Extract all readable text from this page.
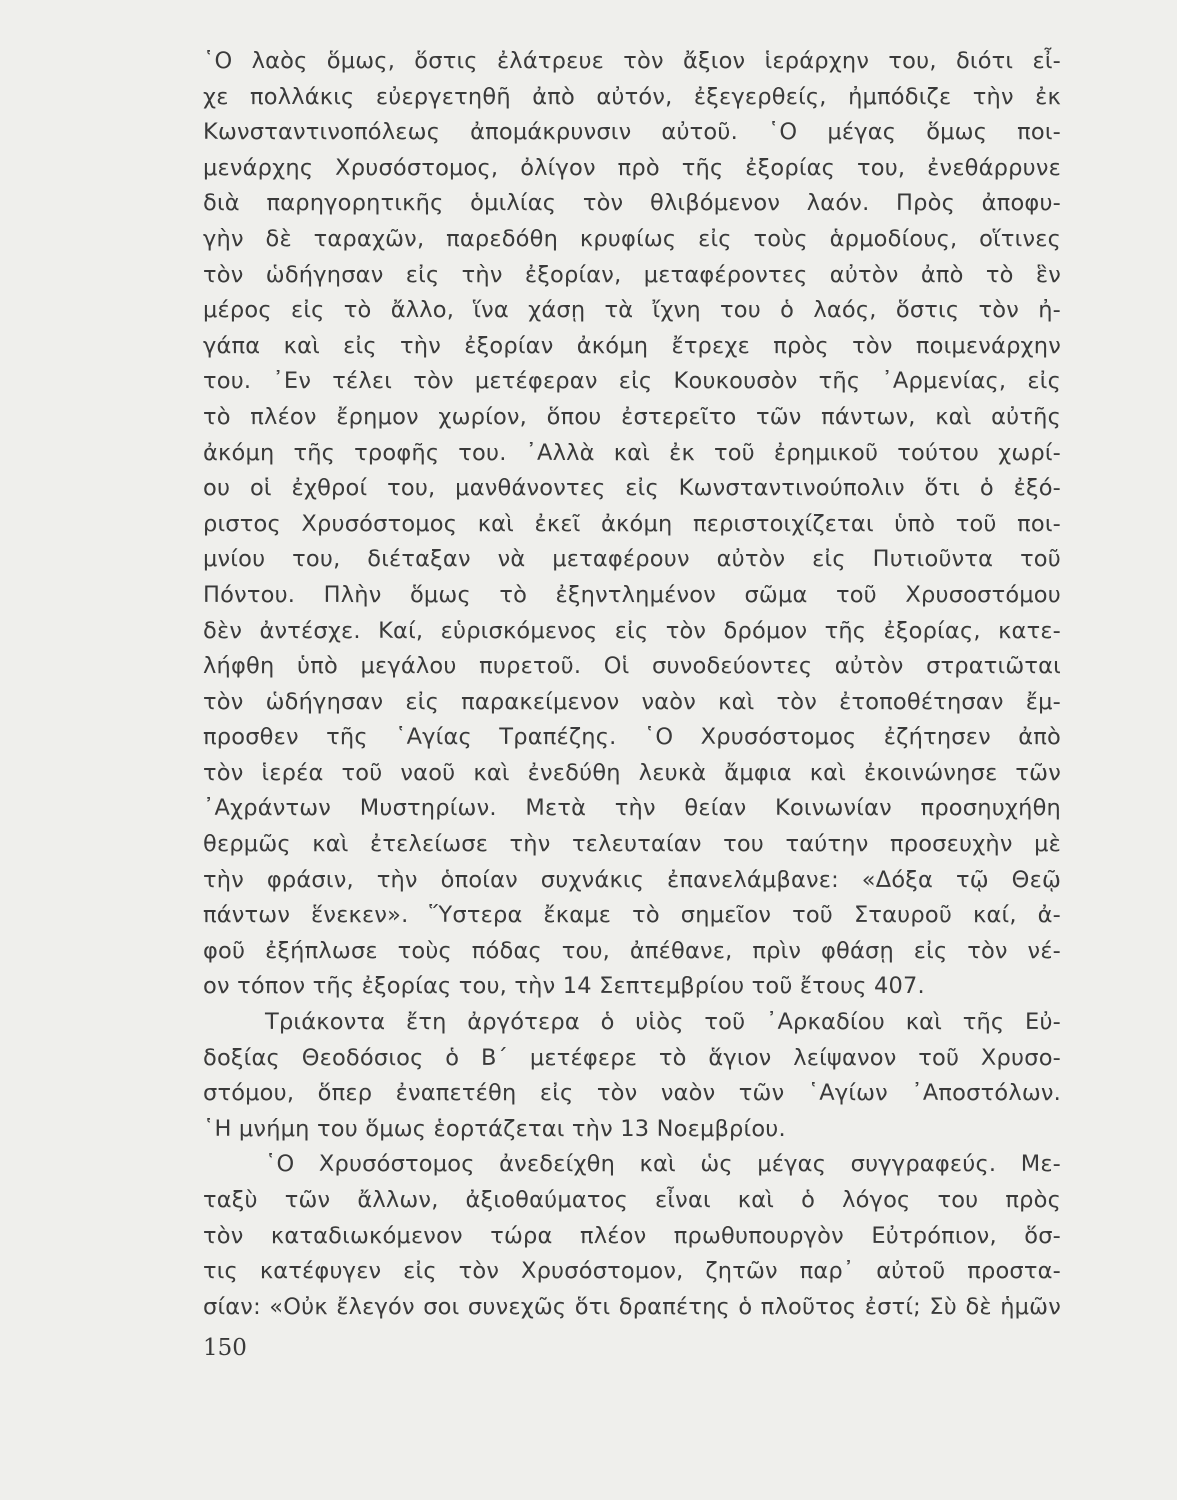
῾Ο λαὸς ὅμως, ὅστις ἐλάτρευε τὸν ἄξιον ἱεράρχην του, διότι εἶ-
χε πολλάκις εὐεργετηθῆ ἀπὸ αὐτόν, ἐξεγερθείς, ἠμπόδιζε τὴν ἐκ
Κωνσταντινοπόλεως ἀπομάκρυνσιν αὐτοῦ. ῾Ο μέγας ὅμως ποι-
μενάρχης Χρυσόστομος, ὀλίγον πρὸ τῆς ἐξορίας του, ἐνεθάρρυνε
διὰ παρηγορητικῆς ὁμιλίας τὸν θλιβόμενον λαόν. Πρὸς ἀποφυ-
γὴν δὲ ταραχῶν, παρεδόθη κρυφίως εἰς τοὺς ἁρμοδίους, οἵτινες
τὸν ὡδήγησαν εἰς τὴν ἐξορίαν, μεταφέροντες αὐτὸν ἀπὸ τὸ ἓν
μέρος εἰς τὸ ἄλλο, ἵνα χάσῃ τὰ ἴχνη του ὁ λαός, ὅστις τὸν ἠ-
γάπα καὶ εἰς τὴν ἐξορίαν ἀκόμη ἔτρεχε πρὸς τὸν ποιμενάρχην
του. ᾿Εν τέλει τὸν μετέφεραν εἰς Κουκουσὸν τῆς ᾿Αρμενίας, εἰς
τὸ πλέον ἔρημον χωρίον, ὅπου ἐστερεῖτο τῶν πάντων, καὶ αὐτῆς
ἀκόμη τῆς τροφῆς του. ᾿Αλλὰ καὶ ἐκ τοῦ ἐρημικοῦ τούτου χωρί-
ου οἱ ἐχθροί του, μανθάνοντες εἰς Κωνσταντινούπολιν ὅτι ὁ ἐξό-
ριστος Χρυσόστομος καὶ ἐκεῖ ἀκόμη περιστοιχίζεται ὑπὸ τοῦ ποι-
μνίου του, διέταξαν νὰ μεταφέρουν αὐτὸν εἰς Πυτιοῦντα τοῦ
Πόντου. Πλὴν ὅμως τὸ ἐξηντλημένον σῶμα τοῦ Χρυσοστόμου
δὲν ἀντέσχε. Καί, εὑρισκόμενος εἰς τὸν δρόμον τῆς ἐξορίας, κατε-
λήφθη ὑπὸ μεγάλου πυρετοῦ. Οἱ συνοδεύοντες αὐτὸν στρατιῶται
τὸν ὡδήγησαν εἰς παρακείμενον ναὸν καὶ τὸν ἐτοποθέτησαν ἔμ-
προσθεν τῆς ῾Αγίας Τραπέζης. ῾Ο Χρυσόστομος ἐζήτησεν ἀπὸ
τὸν ἱερέα τοῦ ναοῦ καὶ ἐνεδύθη λευκὰ ἄμφια καὶ ἐκοινώνησε τῶν
᾿Αχράντων Μυστηρίων. Μετὰ τὴν θείαν Κοινωνίαν προσηυχήθη
θερμῶς καὶ ἐτελείωσε τὴν τελευταίαν του ταύτην προσευχὴν μὲ
τὴν φράσιν, τὴν ὁποίαν συχνάκις ἐπανελάμβανε: «Δόξα τῷ Θεῷ
πάντων ἕνεκεν». Ὕστερα ἔκαμε τὸ σημεῖον τοῦ Σταυροῦ καί, ἀ-
φοῦ ἐξήπλωσε τοὺς πόδας του, ἀπέθανε, πρὶν φθάσῃ εἰς τὸν νέ-
ον τόπον τῆς ἐξορίας του, τὴν 14 Σεπτεμβρίου τοῦ ἔτους 407.
Τριάκοντα ἔτη ἀργότερα ὁ υἱὸς τοῦ ᾿Αρκαδίου καὶ τῆς Εὐ-
δοξίας Θεοδόσιος ὁ Β΄ μετέφερε τὸ ἅγιον λείψανον τοῦ Χρυσο-
στόμου, ὅπερ ἐναπετέθη εἰς τὸν ναὸν τῶν ῾Αγίων ᾿Αποστόλων.
῾Η μνήμη του ὅμως ἑορτάζεται τὴν 13 Νοεμβρίου.
῾Ο Χρυσόστομος ἀνεδείχθη καὶ ὡς μέγας συγγραφεύς. Με-
ταξὺ τῶν ἄλλων, ἀξιοθαύματος εἶναι καὶ ὁ λόγος του πρὸς
τὸν καταδιωκόμενον τώρα πλέον πρωθυπουργὸν Εὐτρόπιον, ὅσ-
τις κατέφυγεν εἰς τὸν Χρυσόστομον, ζητῶν παρ᾿ αὐτοῦ προστα-
σίαν: «Οὐκ ἔλεγόν σοι συνεχῶς ὅτι δραπέτης ὁ πλοῦτος ἐστί; Σὺ δὲ ἡμῶν
150
